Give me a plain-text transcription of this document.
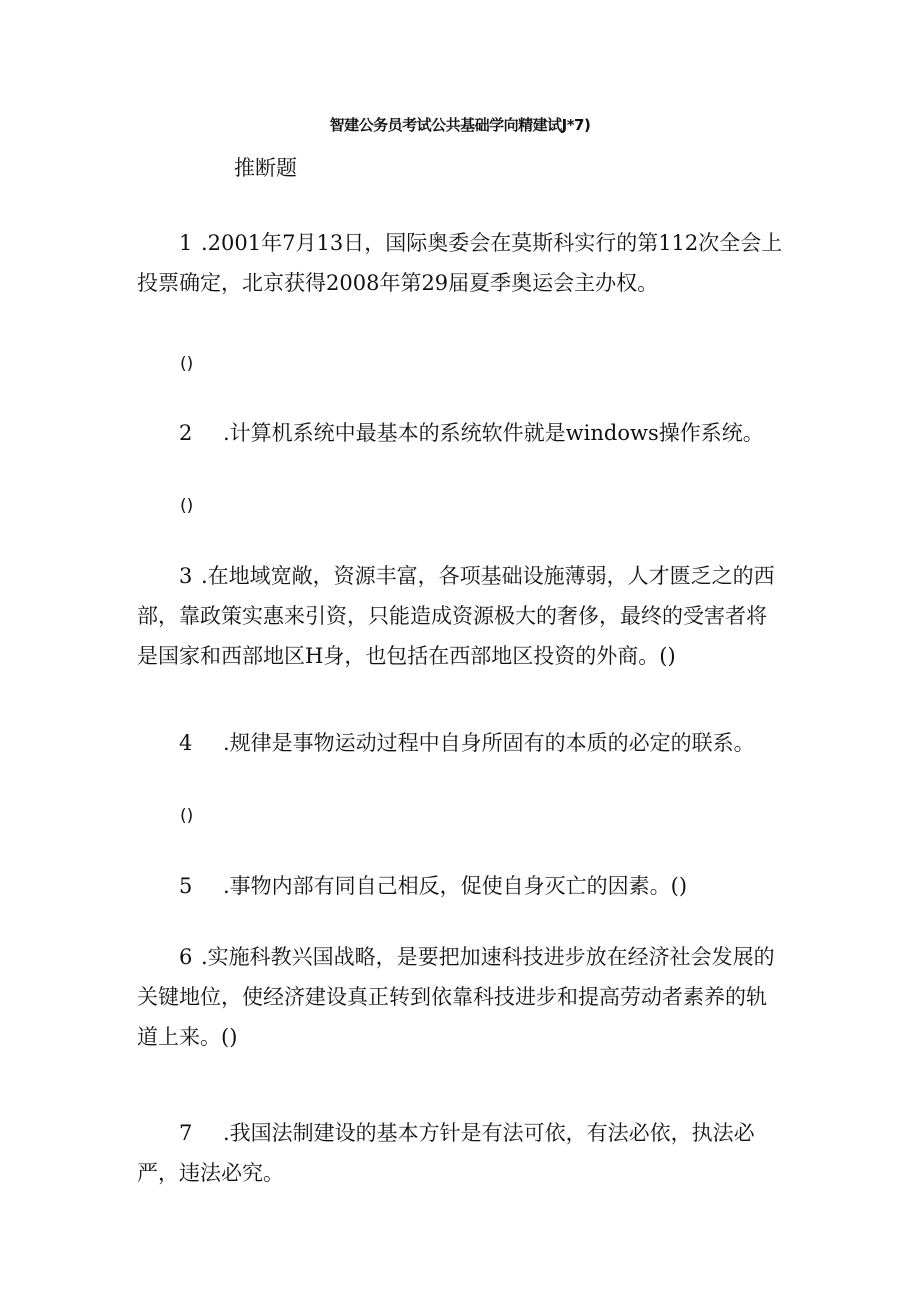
智建公务员考试公共基础学向精建试J*7)
推断题
1 .2001年7月13日，国际奥委会在莫斯科实行的第112次全会上投票确定，北京获得2008年第29届夏季奥运会主办权。
()
2 .计算机系统中最基本的系统软件就是windows操作系统。
()
3 .在地域宽敞，资源丰富，各项基础设施薄弱，人才匮乏之的西部，靠政策实惠来引资，只能造成资源极大的奢侈，最终的受害者将是国家和西部地区H身，也包括在西部地区投资的外商。()
4 .规律是事物运动过程中自身所固有的本质的必定的联系。
()
5 .事物内部有同自己相反，促使自身灭亡的因素。()
6 .实施科教兴国战略，是要把加速科技进步放在经济社会发展的关键地位，使经济建设真正转到依靠科技进步和提高劳动者素养的轨道上来。()
7 .我国法制建设的基本方针是有法可依，有法必依，执法必严，违法必究。
